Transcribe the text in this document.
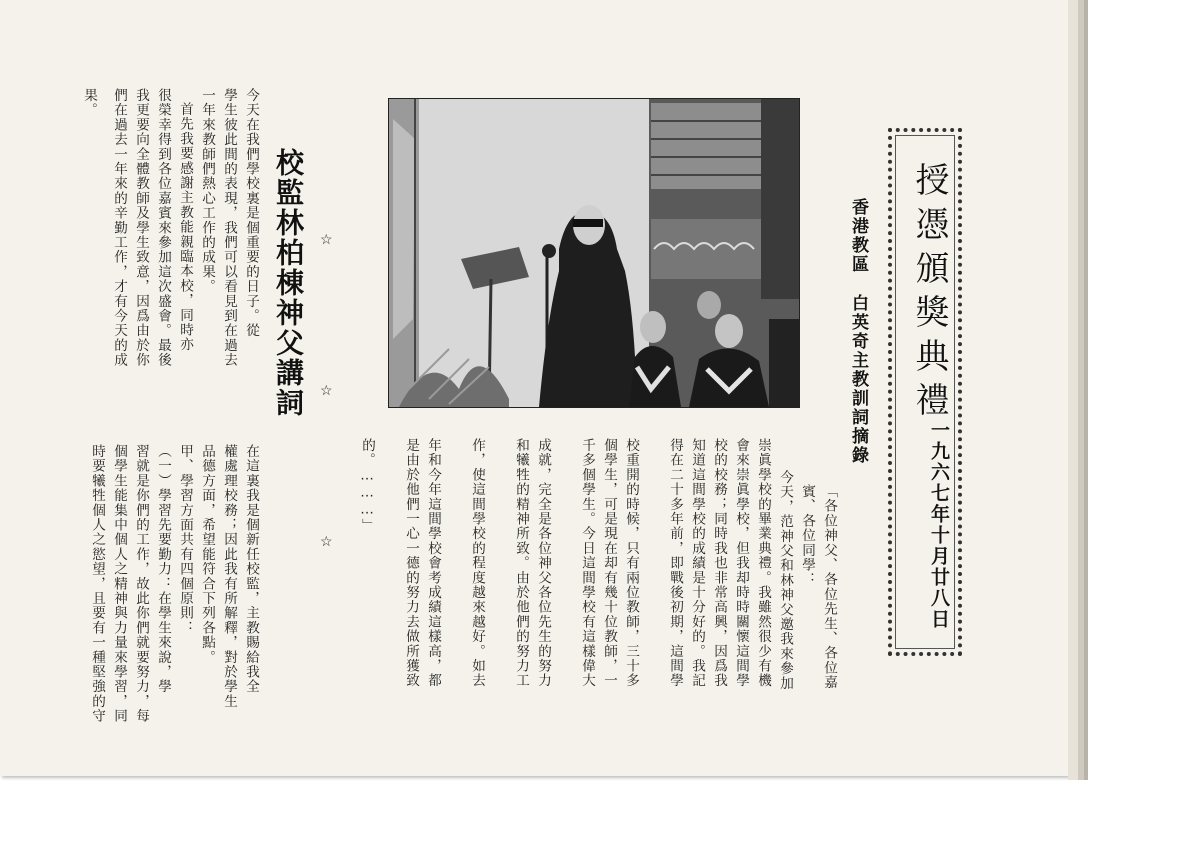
授憑頒獎典禮
一九六七年十月廿八日
香港教區
白英奇主教訓詞摘錄
「各位神父、各位先生、各位嘉
賓、各位同學：
今天，范神父和林神父邀我來參加
崇眞學校的畢業典禮。我雖然很少有機
會來崇眞學校，但我却時時關懷這間學
校的校務；同時我也非常高興，因爲我
知道這間學校的成績是十分好的。我記
得在二十多年前，即戰後初期，這間學
校重開的時候，只有兩位教師，三十多
個學生，可是現在却有幾十位教師，一
千多個學生。今日這間學校有這樣偉大
成就，完全是各位神父各位先生的努力
和犧牲的精神所致。由於他們的努力工
作，使這間學校的程度越來越好。如去
年和今年這間學校會考成績這樣高，都
是由於他們一心一德的努力去做所獲致
的。………」
☆
☆
☆
校監林柏棟神父講詞
今天在我們學校裏是個重要的日子。從
學生彼此間的表現，我們可以看見到在過去
一年來教師們熱心工作的成果。
首先我要感謝主教能親臨本校，同時亦
很榮幸得到各位嘉賓來參加這次盛會。最後
我更要向全體教師及學生致意，因爲由於你
們在過去一年來的辛勤工作，才有今天的成
果。
在這裏我是個新任校監，主教賜給我全
權處理校務；因此我有所解釋，對於學生
品德方面，希望能符合下列各點。
甲、學習方面共有四個原則：
（一）學習先要勤力：在學生來說，學
習就是你們的工作，故此你們就要努力，每
個學生能集中個人之精神與力量來學習，同
時要犧牲個人之慾望，且要有一種堅強的守
